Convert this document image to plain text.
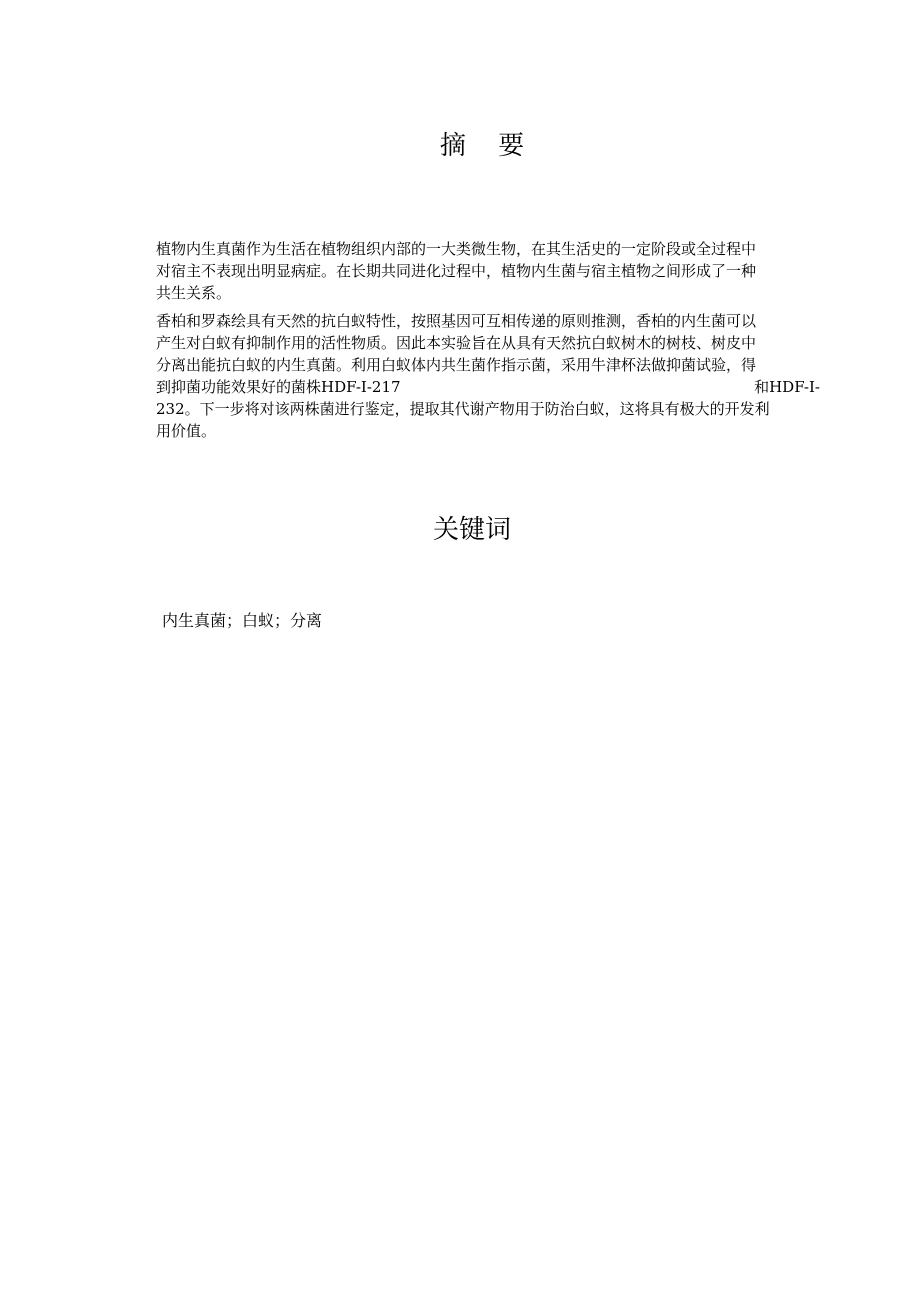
摘 要

植物内生真菌作为生活在植物组织内部的一大类微生物，在其生活史的一定阶段或全过程中
对宿主不表现出明显病症。在长期共同进化过程中，植物内生菌与宿主植物之间形成了一种
共生关系。

香柏和罗森绘具有天然的抗白蚁特性，按照基因可互相传递的原则推测，香柏的内生菌可以
产生对白蚁有抑制作用的活性物质。因此本实验旨在从具有天然抗白蚁树木的树枝、树皮中
分离出能抗白蚁的内生真菌。利用白蚁体内共生菌作指示菌，采用牛津杯法做抑菌试验，得
到抑菌功能效果好的菌株HDF-I-217	和HDF-I-
232。下一步将对该两株菌进行鉴定，提取其代谢产物用于防治白蚁，这将具有极大的开发利
用价值。

关键词
内生真菌；白蚁；分离
